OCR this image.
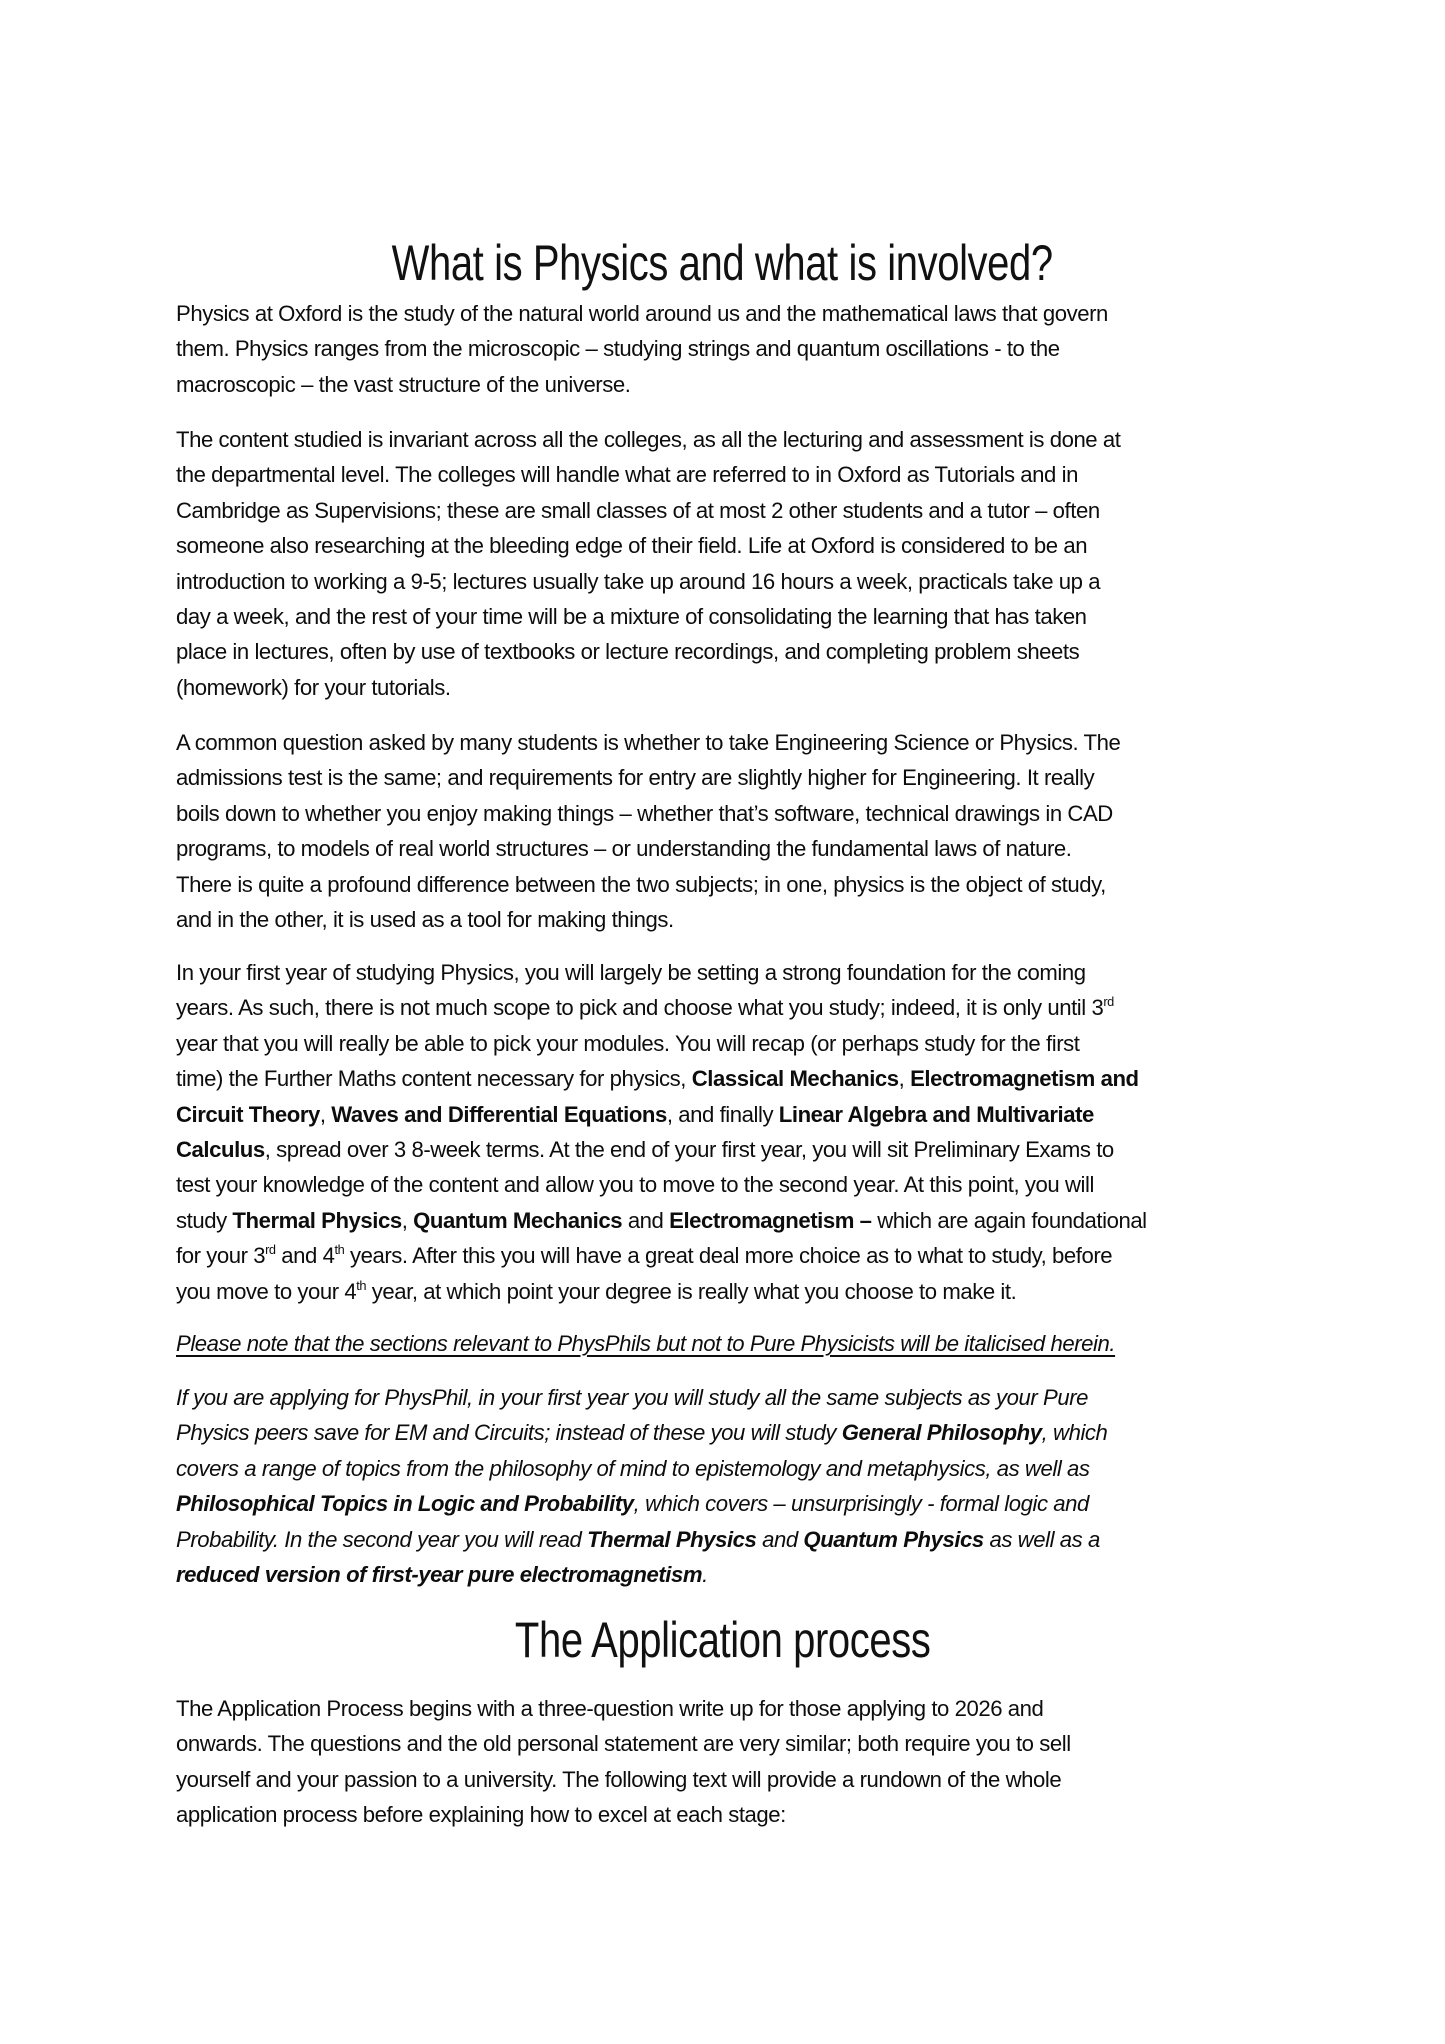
What is Physics and what is involved?
Physics at Oxford is the study of the natural world around us and the mathematical laws that govern
them. Physics ranges from the microscopic – studying strings and quantum oscillations - to the
macroscopic – the vast structure of the universe.
The content studied is invariant across all the colleges, as all the lecturing and assessment is done at
the departmental level. The colleges will handle what are referred to in Oxford as Tutorials and in
Cambridge as Supervisions; these are small classes of at most 2 other students and a tutor – often
someone also researching at the bleeding edge of their field. Life at Oxford is considered to be an
introduction to working a 9-5; lectures usually take up around 16 hours a week, practicals take up a
day a week, and the rest of your time will be a mixture of consolidating the learning that has taken
place in lectures, often by use of textbooks or lecture recordings, and completing problem sheets
(homework) for your tutorials.
A common question asked by many students is whether to take Engineering Science or Physics. The
admissions test is the same; and requirements for entry are slightly higher for Engineering. It really
boils down to whether you enjoy making things – whether that’s software, technical drawings in CAD
programs, to models of real world structures – or understanding the fundamental laws of nature.
There is quite a profound difference between the two subjects; in one, physics is the object of study,
and in the other, it is used as a tool for making things.
In your first year of studying Physics, you will largely be setting a strong foundation for the coming
years. As such, there is not much scope to pick and choose what you study; indeed, it is only until 3rd
year that you will really be able to pick your modules. You will recap (or perhaps study for the first
time) the Further Maths content necessary for physics, Classical Mechanics, Electromagnetism and
Circuit Theory, Waves and Differential Equations, and finally Linear Algebra and Multivariate
Calculus, spread over 3 8-week terms. At the end of your first year, you will sit Preliminary Exams to
test your knowledge of the content and allow you to move to the second year. At this point, you will
study Thermal Physics, Quantum Mechanics and Electromagnetism – which are again foundational
for your 3rd and 4th years. After this you will have a great deal more choice as to what to study, before
you move to your 4th year, at which point your degree is really what you choose to make it.
Please note that the sections relevant to PhysPhils but not to Pure Physicists will be italicised herein.
If you are applying for PhysPhil, in your first year you will study all the same subjects as your Pure
Physics peers save for EM and Circuits; instead of these you will study General Philosophy, which
covers a range of topics from the philosophy of mind to epistemology and metaphysics, as well as
Philosophical Topics in Logic and Probability, which covers – unsurprisingly - formal logic and
Probability. In the second year you will read Thermal Physics and Quantum Physics as well as a
reduced version of first-year pure electromagnetism.
The Application process
The Application Process begins with a three-question write up for those applying to 2026 and
onwards. The questions and the old personal statement are very similar; both require you to sell
yourself and your passion to a university. The following text will provide a rundown of the whole
application process before explaining how to excel at each stage:
